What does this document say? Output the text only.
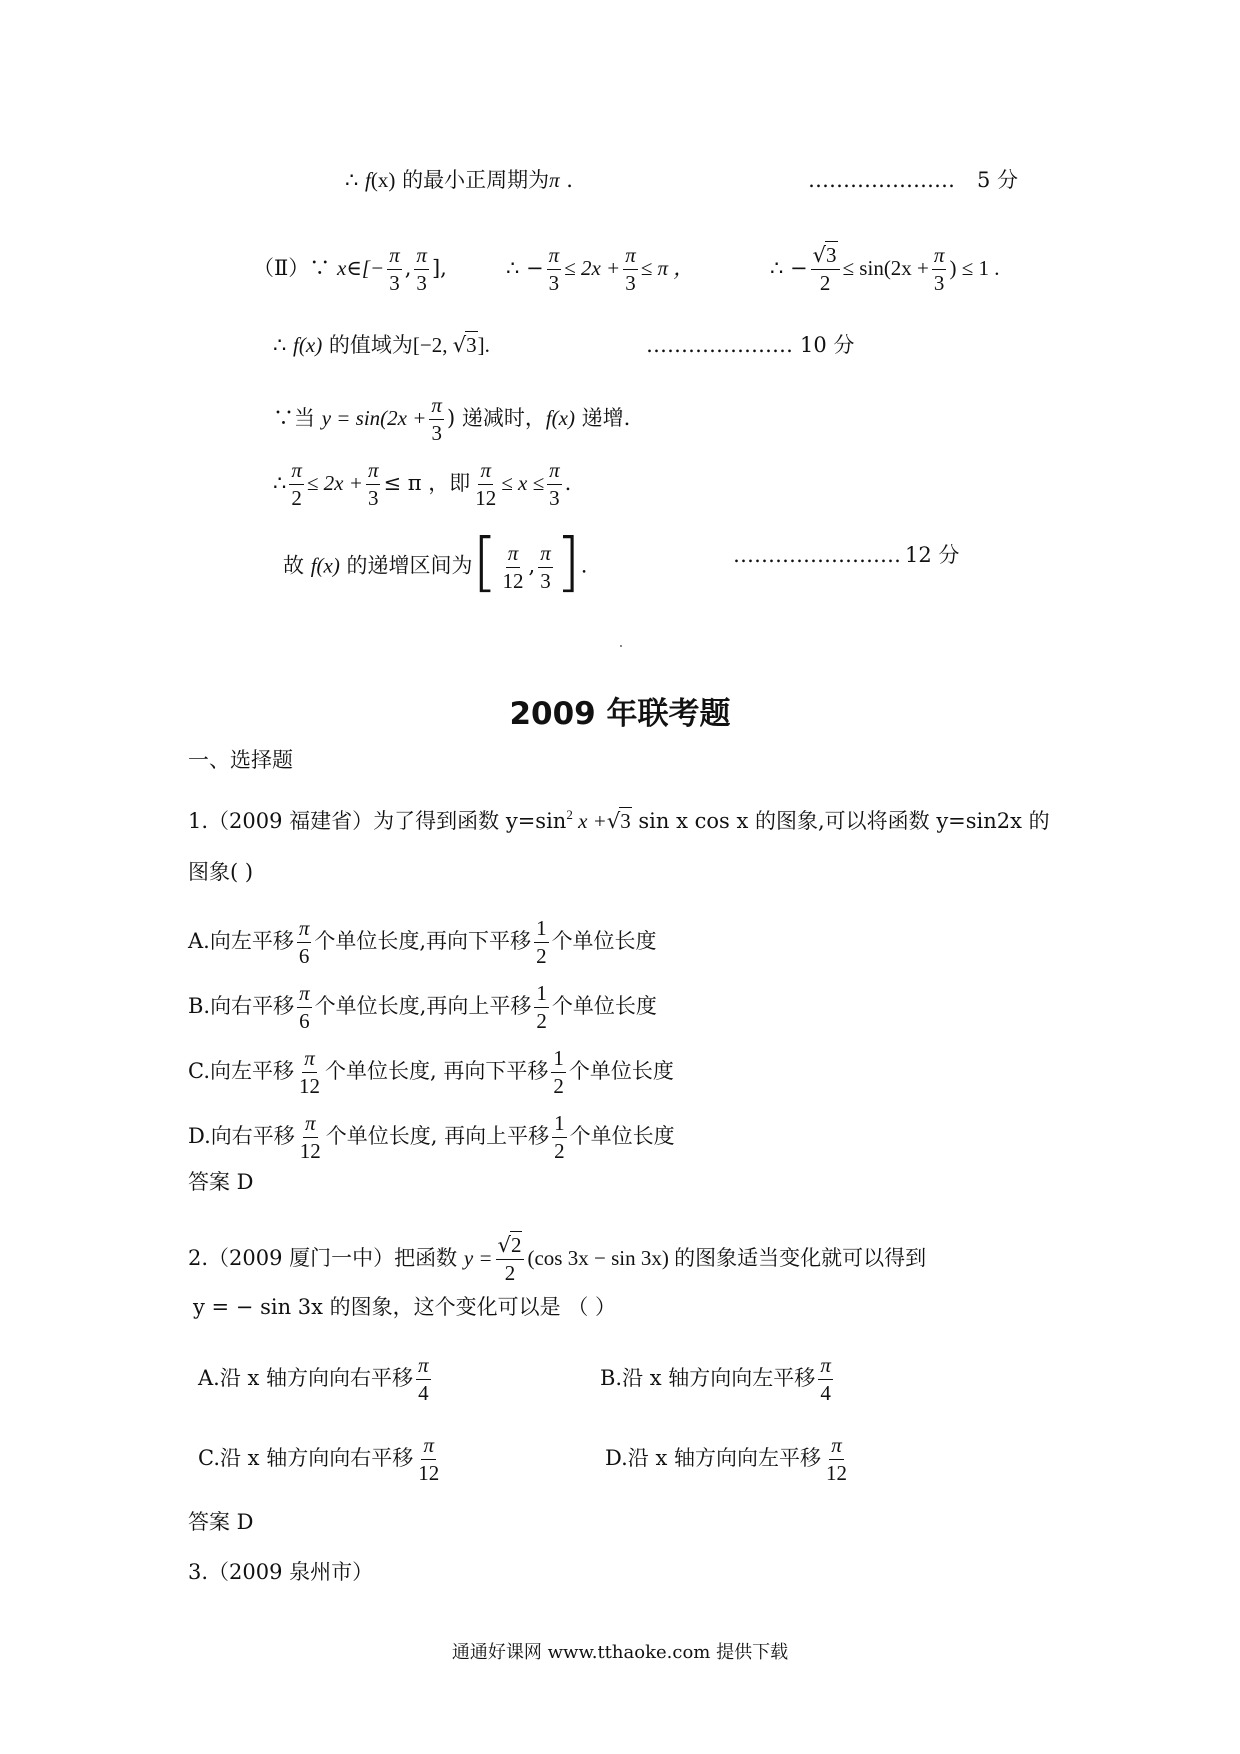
∴ f(x) 的最小正周期为π .	………………… 5 分
（Ⅱ）∵ x∈[− $\frac{\pi}{3}$ , $\frac{\pi}{3}$ ],	∴ − $\frac{\pi}{3} \le 2x + \frac{\pi}{3} \le \pi$ ，	∴ − $\frac{√3}{2} \le \sin(2x + \frac{\pi}{3}$ ) ≤ 1 .
∴ f(x) 的值域为[−2, √3].	………………… 10 分
∵当 $y = \sin(2x + \frac{\pi}{3}$ ) 递减时，f(x) 递增.
∴ $\frac{\pi}{2} \le 2x + \frac{\pi}{3} \le \pi$ ，即 $\frac{\pi}{12} \le x \le \frac{\pi}{3}$ .
故 f(x) 的递增区间为[ $\frac{\pi}{12}$ , $\frac{\pi}{3}$ ].	…………………… 12 分
2009 年联考题
一、选择题
1.（2009 福建省）为了得到函数 $y=\sin^2$ x +√3 sin x cos x 的图象,可以将函数 y=sin2x 的
图象( )
A.向左平移 $\frac{\pi}{6}$ 个单位长度,再向下平移 $\frac{1}{2}$ 个单位长度
B.向右平移 $\frac{\pi}{6}$ 个单位长度,再向上平移 $\frac{1}{2}$ 个单位长度
C.向左平移 $\frac{\pi}{12}$ 个单位长度, 再向下平移 $\frac{1}{2}$ 个单位长度
D.向右平移 $\frac{\pi}{12}$ 个单位长度, 再向上平移 $\frac{1}{2}$ 个单位长度
答案 D
2.（2009 厦门一中）把函数 $y = \frac{√2}{2} (\cos$ 3x − sin 3x) 的图象适当变化就可以得到
y = − sin 3x 的图象，这个变化可以是 （ ）
A.沿 x 轴方向向右平移 $\frac{\pi}{4}$	B.沿 x 轴方向向左平移 $\frac{\pi}{4}$
C.沿 x 轴方向向右平移 $\frac{\pi}{12}$	D.沿 x 轴方向向左平移 $\frac{\pi}{12}$
答案 D
3.（2009 泉州市）
通通好课网 www.tthaoke.com 提供下载
